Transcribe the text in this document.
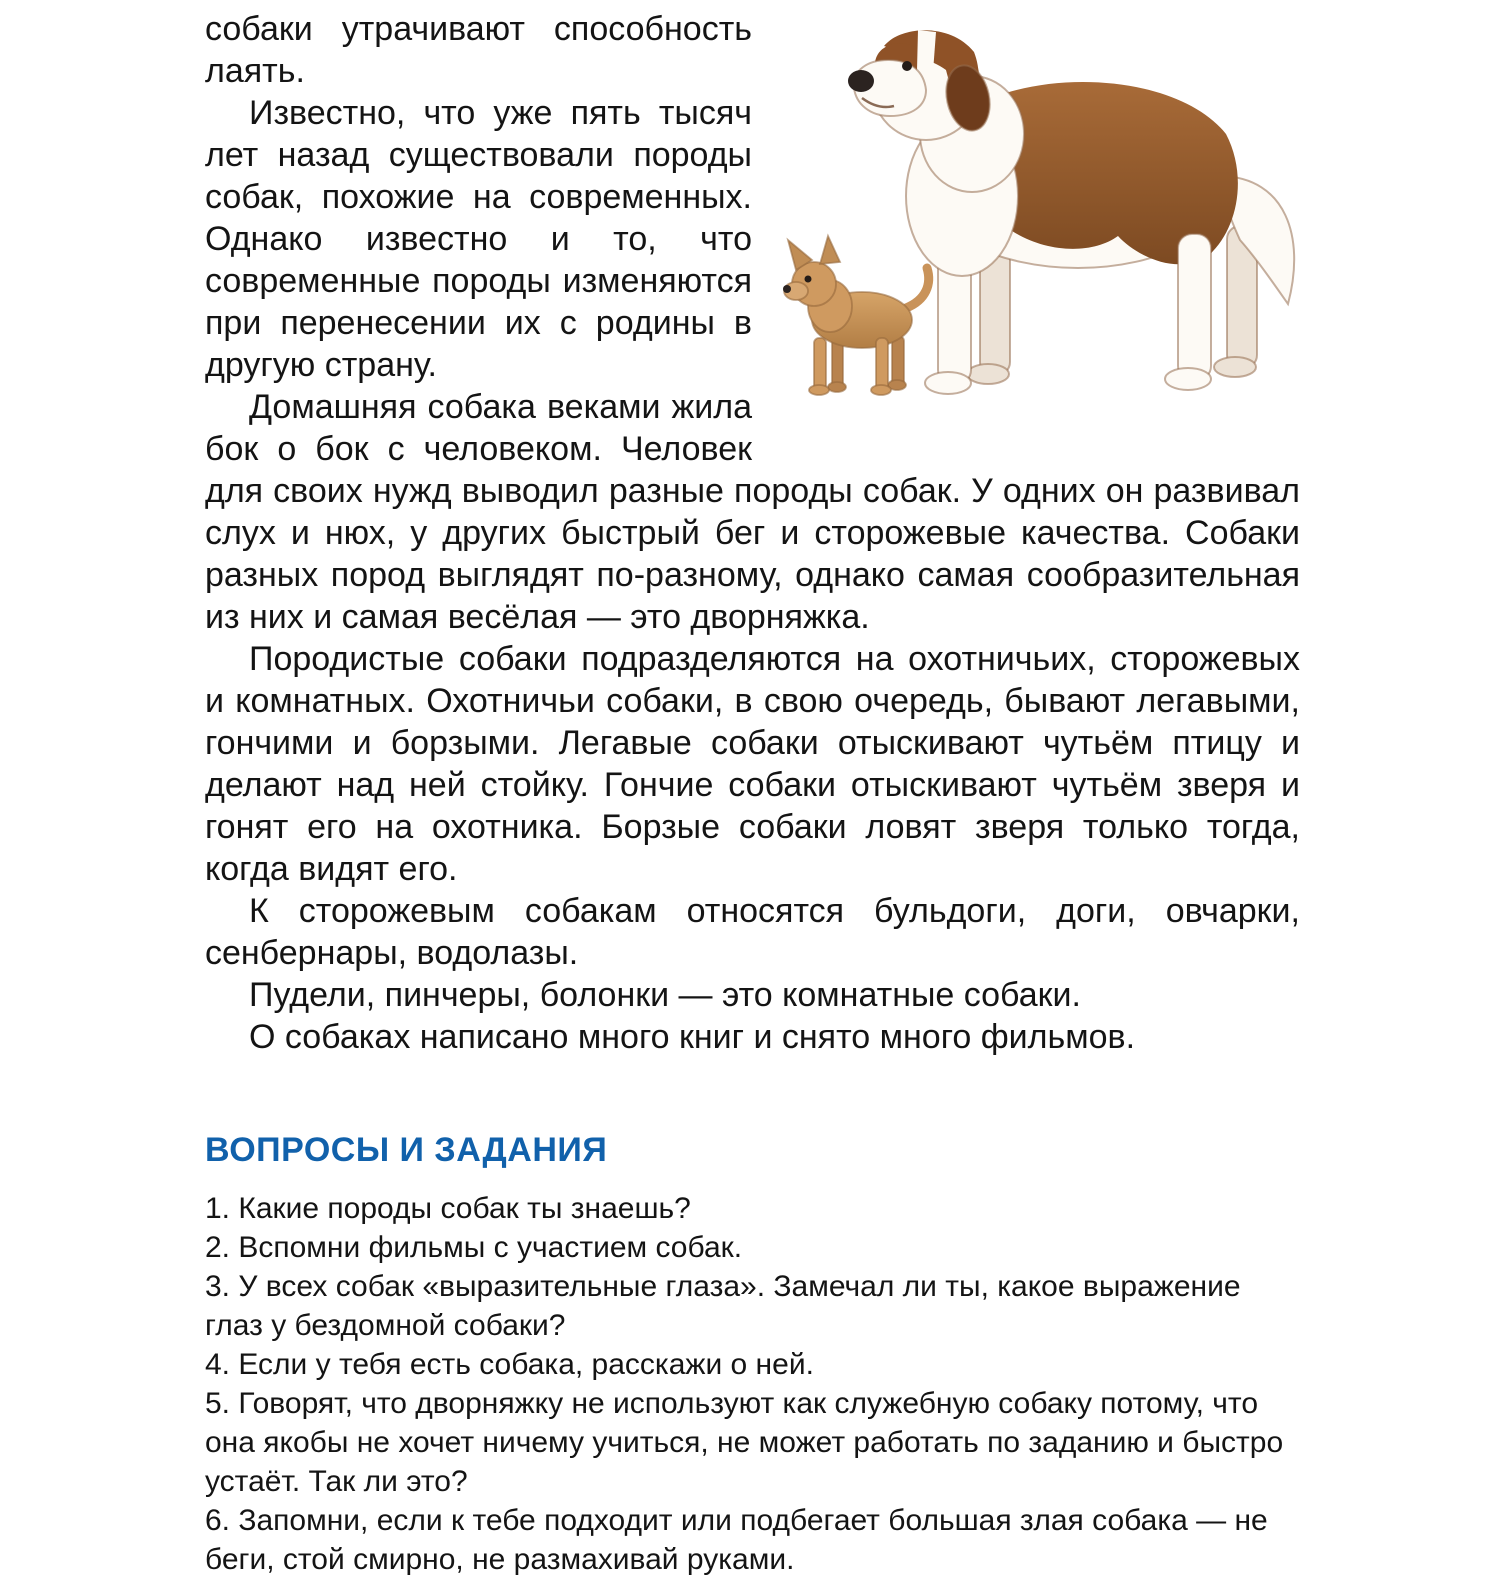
собаки утрачивают способность лаять.

Известно, что уже пять тысяч лет назад существовали породы собак, похожие на современных. Однако известно и то, что современные породы изменяются при перенесении их с родины в другую страну.

Домашняя собака веками жила бок о бок с человеком. Человек для своих нужд выводил разные породы собак. У одних он развивал слух и нюх, у других быстрый бег и сторожевые качества. Собаки разных пород выглядят по-разному, однако самая сообразительная из них и самая весёлая — это дворняжка.

Породистые собаки подразделяются на охотничьих, сторожевых и комнатных. Охотничьи собаки, в свою очередь, бывают легавыми, гончими и борзыми. Легавые собаки отыскивают чутьём птицу и делают над ней стойку. Гончие собаки отыскивают чутьём зверя и гонят его на охотника. Борзые собаки ловят зверя только тогда, когда видят его.

К сторожевым собакам относятся бульдоги, доги, овчарки, сенбернары, водолазы.

Пудели, пинчеры, болонки — это комнатные собаки.

О собаках написано много книг и снято много фильмов.

ВОПРОСЫ И ЗАДАНИЯ

1. Какие породы собак ты знаешь?

2. Вспомни фильмы с участием собак.

3. У всех собак «выразительные глаза». Замечал ли ты, какое выражение глаз у бездомной собаки?

4. Если у тебя есть собака, расскажи о ней.

5. Говорят, что дворняжку не используют как служебную собаку потому, что она якобы не хочет ничему учиться, не может работать по заданию и быстро устаёт. Так ли это?

6. Запомни, если к тебе подходит или подбегает большая злая собака — не беги, стой смирно, не размахивай руками.
